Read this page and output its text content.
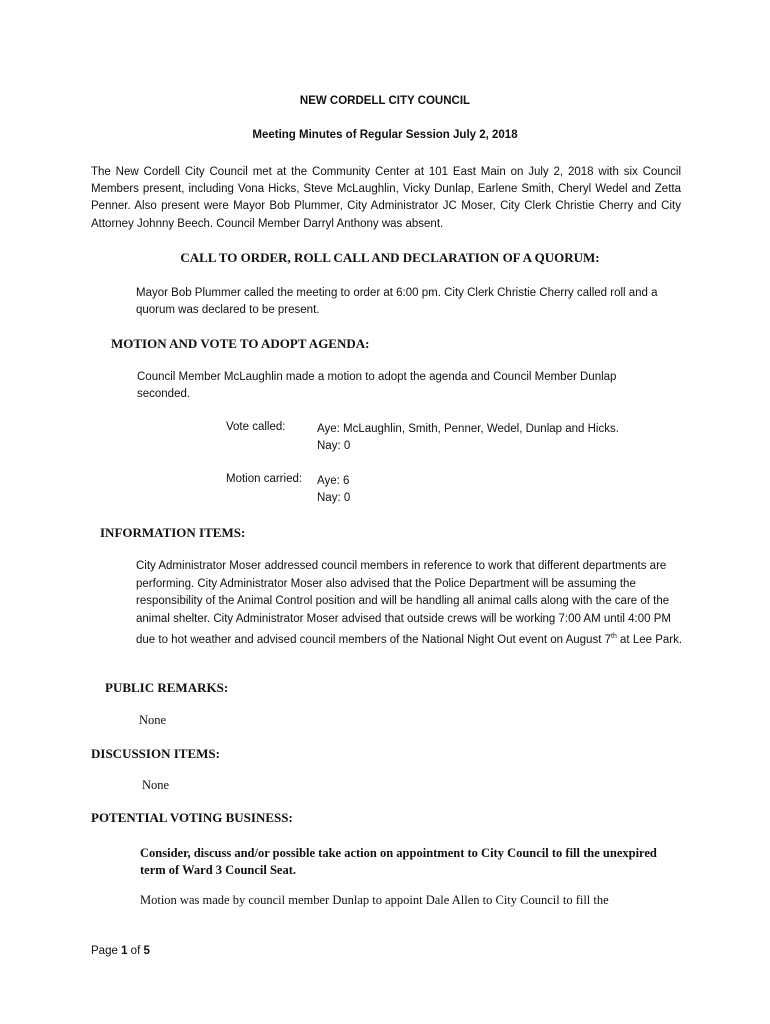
NEW CORDELL CITY COUNCIL
Meeting Minutes of Regular Session July 2, 2018
The New Cordell City Council met at the Community Center at 101 East Main on July 2, 2018 with six Council Members present, including Vona Hicks, Steve McLaughlin, Vicky Dunlap, Earlene Smith, Cheryl Wedel and Zetta Penner. Also present were Mayor Bob Plummer, City Administrator JC Moser, City Clerk Christie Cherry and City Attorney Johnny Beech. Council Member Darryl Anthony was absent.
CALL TO ORDER, ROLL CALL AND DECLARATION OF A QUORUM:
Mayor Bob Plummer called the meeting to order at 6:00 pm. City Clerk Christie Cherry called roll and a quorum was declared to be present.
MOTION AND VOTE TO ADOPT AGENDA:
Council Member McLaughlin made a motion to adopt the agenda and Council Member Dunlap seconded.
Vote called:	Aye: McLaughlin, Smith, Penner, Wedel, Dunlap and Hicks.
Nay: 0
Motion carried: Aye: 6
Nay: 0
INFORMATION ITEMS:
City Administrator Moser addressed council members in reference to work that different departments are performing. City Administrator Moser also advised that the Police Department will be assuming the responsibility of the Animal Control position and will be handling all animal calls along with the care of the animal shelter. City Administrator Moser advised that outside crews will be working 7:00 AM until 4:00 PM due to hot weather and advised council members of the National Night Out event on August 7th at Lee Park.
PUBLIC REMARKS:
None
DISCUSSION ITEMS:
None
POTENTIAL VOTING BUSINESS:
Consider, discuss and/or possible take action on appointment to City Council to fill the unexpired term of Ward 3 Council Seat.
Motion was made by council member Dunlap to appoint Dale Allen to City Council to fill the
Page 1 of 5
